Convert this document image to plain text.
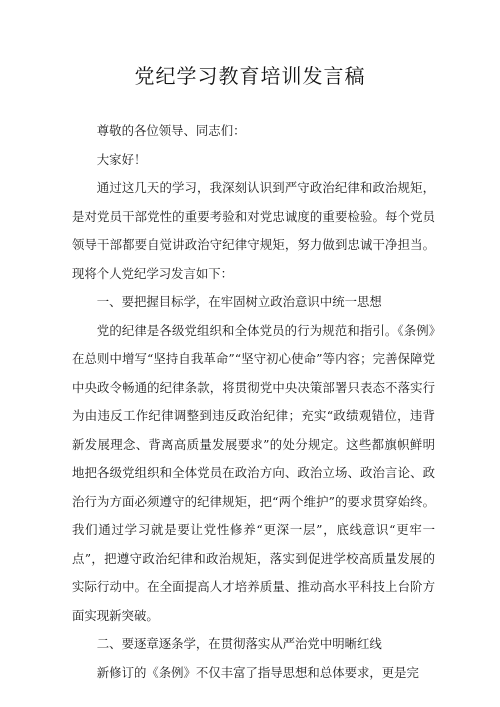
党纪学习教育培训发言稿

尊敬的各位领导、同志们：

大家好！

通过这几天的学习，我深刻认识到严守政治纪律和政治规矩，是对党员干部党性的重要考验和对党忠诚度的重要检验。每个党员领导干部都要自觉讲政治守纪律守规矩，努力做到忠诚干净担当。现将个人党纪学习发言如下：

一、要把握目标学，在牢固树立政治意识中统一思想

党的纪律是各级党组织和全体党员的行为规范和指引。《条例》在总则中增写“坚持自我革命”“坚守初心使命”等内容；完善保障党中央政令畅通的纪律条款，将贯彻党中央决策部署只表态不落实行为由违反工作纪律调整到违反政治纪律；充实“政绩观错位，违背新发展理念、背离高质量发展要求”的处分规定。这些都旗帜鲜明地把各级党组织和全体党员在政治方向、政治立场、政治言论、政治行为方面必须遵守的纪律规矩，把“两个维护”的要求贯穿始终。我们通过学习就是要让党性修养“更深一层”，底线意识“更牢一点”，把遵守政治纪律和政治规矩，落实到促进学校高质量发展的实际行动中。在全面提高人才培养质量、推动高水平科技上台阶方面实现新突破。

二、要逐章逐条学，在贯彻落实从严治党中明晰红线

新修订的《条例》不仅丰富了指导思想和总体要求，更是完
